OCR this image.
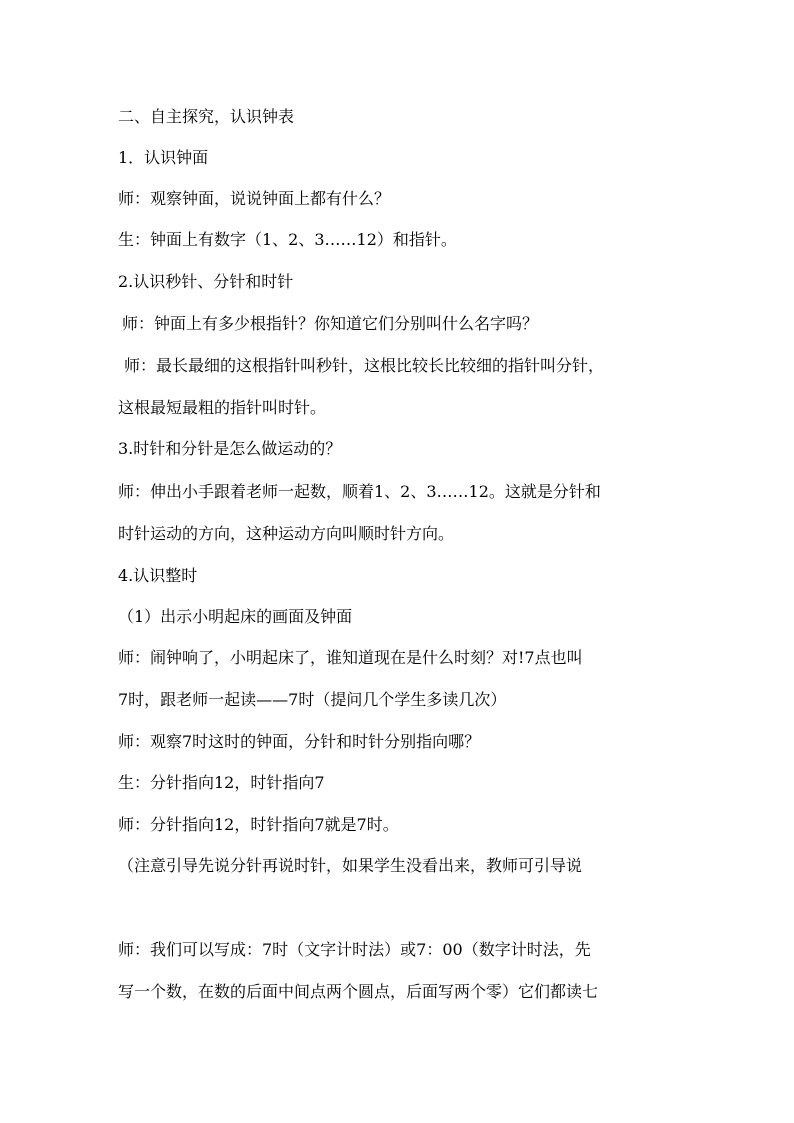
二、自主探究，认识钟表
1．认识钟面
师：观察钟面，说说钟面上都有什么？
生：钟面上有数字（1、2、3……12）和指针。
2.认识秒针、分针和时针
师：钟面上有多少根指针？你知道它们分别叫什么名字吗？
师：最长最细的这根指针叫秒针，这根比较长比较细的指针叫分针，
这根最短最粗的指针叫时针。
3.时针和分针是怎么做运动的？
师：伸出小手跟着老师一起数，顺着1、2、3……12。这就是分针和
时针运动的方向，这种运动方向叫顺时针方向。
4.认识整时
（1）出示小明起床的画面及钟面
师：闹钟响了，小明起床了，谁知道现在是什么时刻？对!7点也叫
7时，跟老师一起读——7时（提问几个学生多读几次）
师：观察7时这时的钟面，分针和时针分别指向哪？
生：分针指向12，时针指向7
师：分针指向12，时针指向7就是7时。
（注意引导先说分针再说时针，如果学生没看出来，教师可引导说
师：我们可以写成：7时（文字计时法）或7：00（数字计时法，先
写一个数，在数的后面中间点两个圆点，后面写两个零）它们都读七
